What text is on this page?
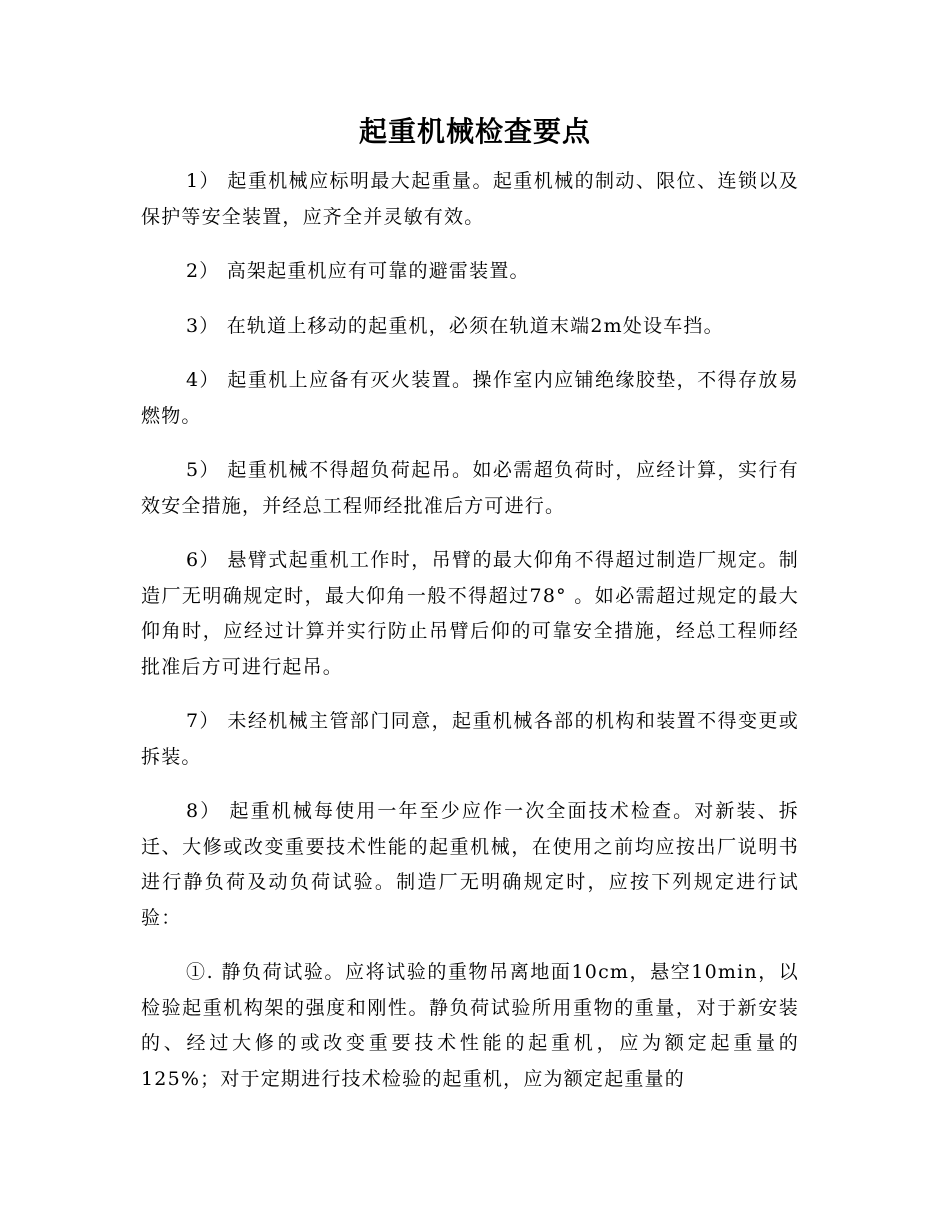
起重机械检查要点

1） 起重机械应标明最大起重量。起重机械的制动、限位、连锁以及保护等安全装置，应齐全并灵敏有效。

2） 高架起重机应有可靠的避雷装置。

3） 在轨道上移动的起重机，必须在轨道末端2m处设车挡。

4） 起重机上应备有灭火装置。操作室内应铺绝缘胶垫，不得存放易燃物。

5） 起重机械不得超负荷起吊。如必需超负荷时，应经计算，实行有效安全措施，并经总工程师经批准后方可进行。

6） 悬臂式起重机工作时，吊臂的最大仰角不得超过制造厂规定。制造厂无明确规定时，最大仰角一般不得超过78° 。如必需超过规定的最大仰角时，应经过计算并实行防止吊臂后仰的可靠安全措施，经总工程师经批准后方可进行起吊。

7） 未经机械主管部门同意，起重机械各部的机构和装置不得变更或拆装。

8） 起重机械每使用一年至少应作一次全面技术检查。对新装、拆迁、大修或改变重要技术性能的起重机械，在使用之前均应按出厂说明书进行静负荷及动负荷试验。制造厂无明确规定时，应按下列规定进行试验：

①. 静负荷试验。应将试验的重物吊离地面10cm，悬空10min，以检验起重机构架的强度和刚性。静负荷试验所用重物的重量，对于新安装的、经过大修的或改变重要技术性能的起重机，应为额定起重量的125%；对于定期进行技术检验的起重机，应为额定起重量的
